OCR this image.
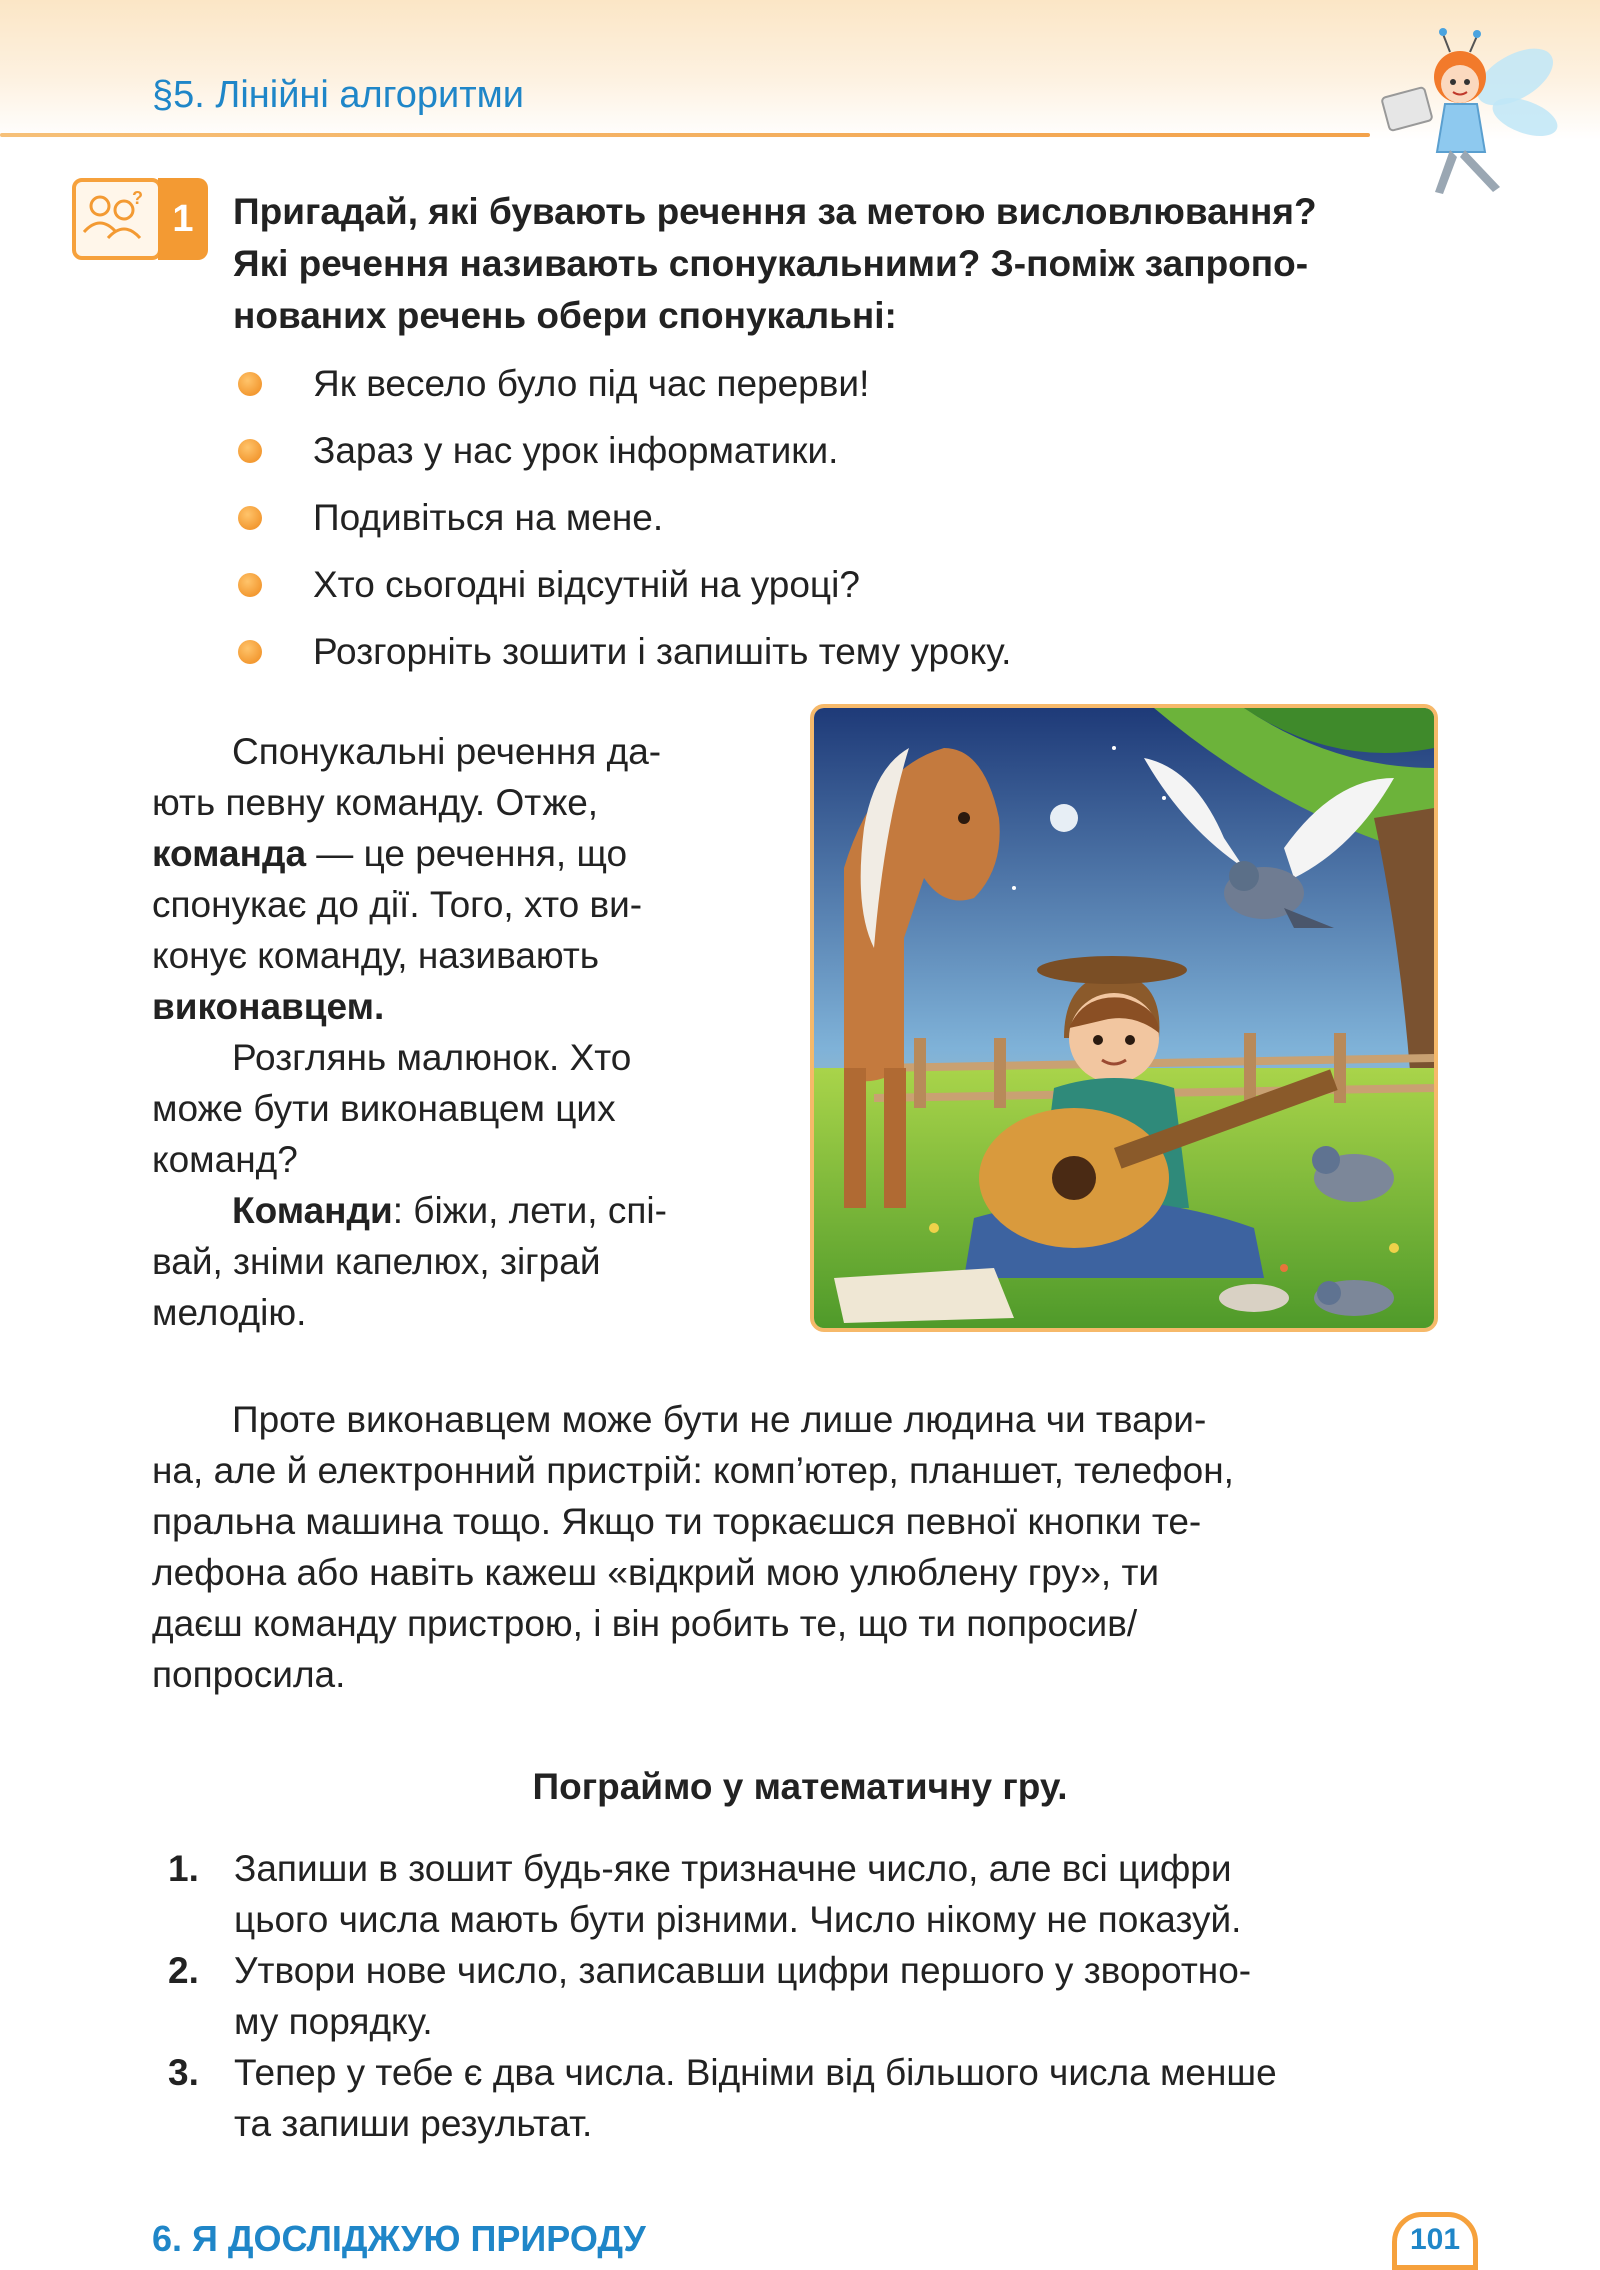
§5. Лінійні алгоритми
? 1	Пригадай, які бувають речення за метою висловлювання?
Які речення називають спонукальними? З-поміж запропо-
нованих речень обери спонукальні:
Як весело було під час перерви!
Зараз у нас урок інформатики.
Подивіться на мене.
Хто сьогодні відсутній на уроці?
Розгорніть зошити і запишіть тему уроку.

Спонукальні речення да-

ють певну команду. Отже,

команда — це речення, що

спонукає до дії. Того, хто ви-

конує команду, називають

виконавцем.

Розглянь малюнок. Хто

може бути виконавцем цих

команд?

Команди: біжи, лети, спі-

вай, зніми капелюх, зіграй

мелодію.

Проте виконавцем може бути не лише людина чи твари-
на, але й електронний пристрій: комп’ютер, планшет, телефон,
пральна машина тощо. Якщо ти торкаєшся певної кнопки те-
лефона або навіть кажеш «відкрий мою улюблену гру», ти
даєш команду пристрою, і він робить те, що ти попросив/
попросила.
Пограймо у математичну гру.
1. Запиши в зошит будь-яке тризначне число, але всі цифри
цього числа мають бути різними. Число нікому не показуй.
2. Утвори нове число, записавши цифри першого у зворотно-
му порядку.
3. Тепер у тебе є два числа. Відніми від більшого числа менше
та запиши результат.
6. Я ДОСЛІДЖУЮ ПРИРОДУ	101
